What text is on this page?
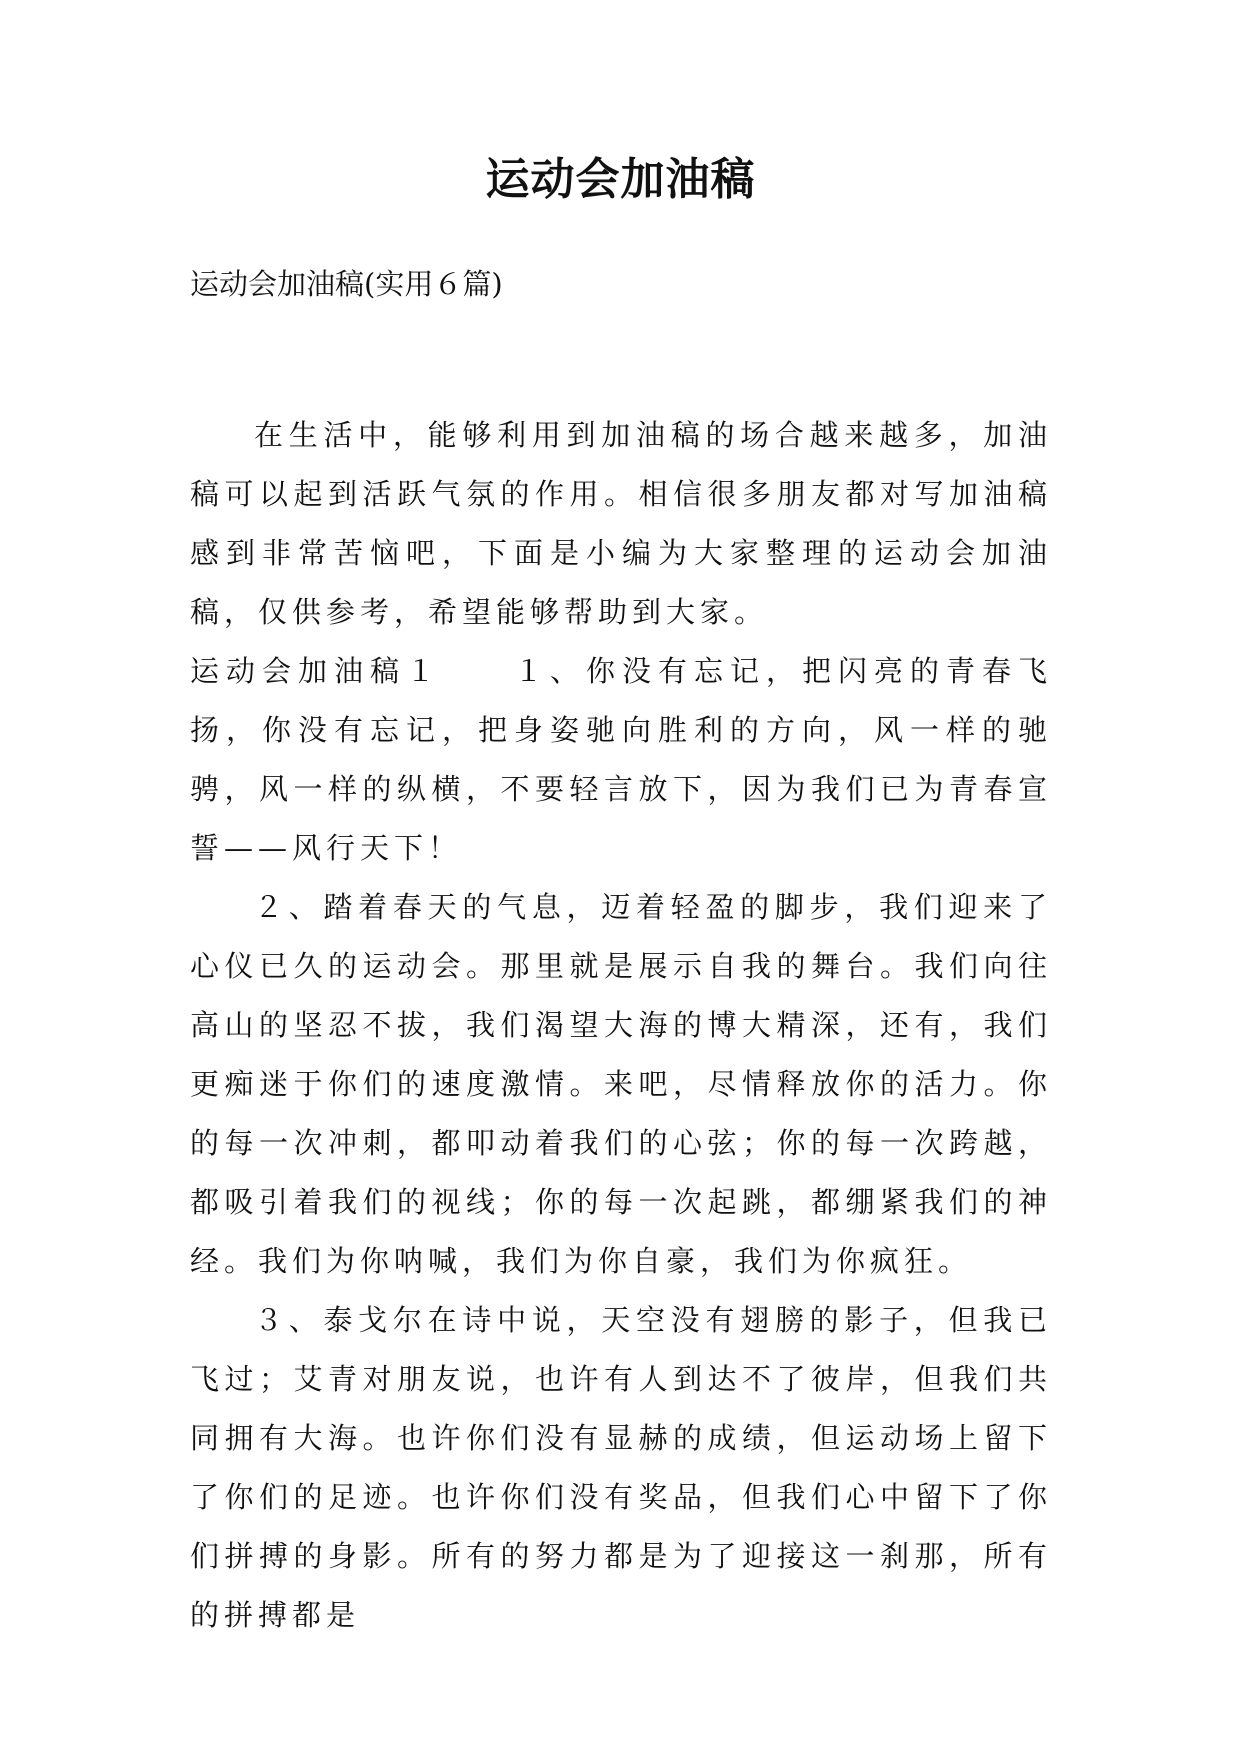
运动会加油稿

运动会加油稿(实用６篇)

在生活中，能够利用到加油稿的场合越来越多，加油稿可以起到活跃气氛的作用。相信很多朋友都对写加油稿感到非常苦恼吧，下面是小编为大家整理的运动会加油稿，仅供参考，希望能够帮助到大家。

运动会加油稿１　　１、你没有忘记，把闪亮的青春飞扬，你没有忘记，把身姿驰向胜利的方向，风一样的驰骋，风一样的纵横，不要轻言放下，因为我们已为青春宣誓——风行天下！

２、踏着春天的气息，迈着轻盈的脚步，我们迎来了心仪已久的运动会。那里就是展示自我的舞台。我们向往高山的坚忍不拔，我们渴望大海的博大精深，还有，我们更痴迷于你们的速度激情。来吧，尽情释放你的活力。你的每一次冲刺，都叩动着我们的心弦；你的每一次跨越，都吸引着我们的视线；你的每一次起跳，都绷紧我们的神经。我们为你呐喊，我们为你自豪，我们为你疯狂。

３、泰戈尔在诗中说，天空没有翅膀的影子，但我已飞过；艾青对朋友说，也许有人到达不了彼岸，但我们共同拥有大海。也许你们没有显赫的成绩，但运动场上留下了你们的足迹。也许你们没有奖品，但我们心中留下了你们拼搏的身影。所有的努力都是为了迎接这一刹那，所有的拼搏都是
